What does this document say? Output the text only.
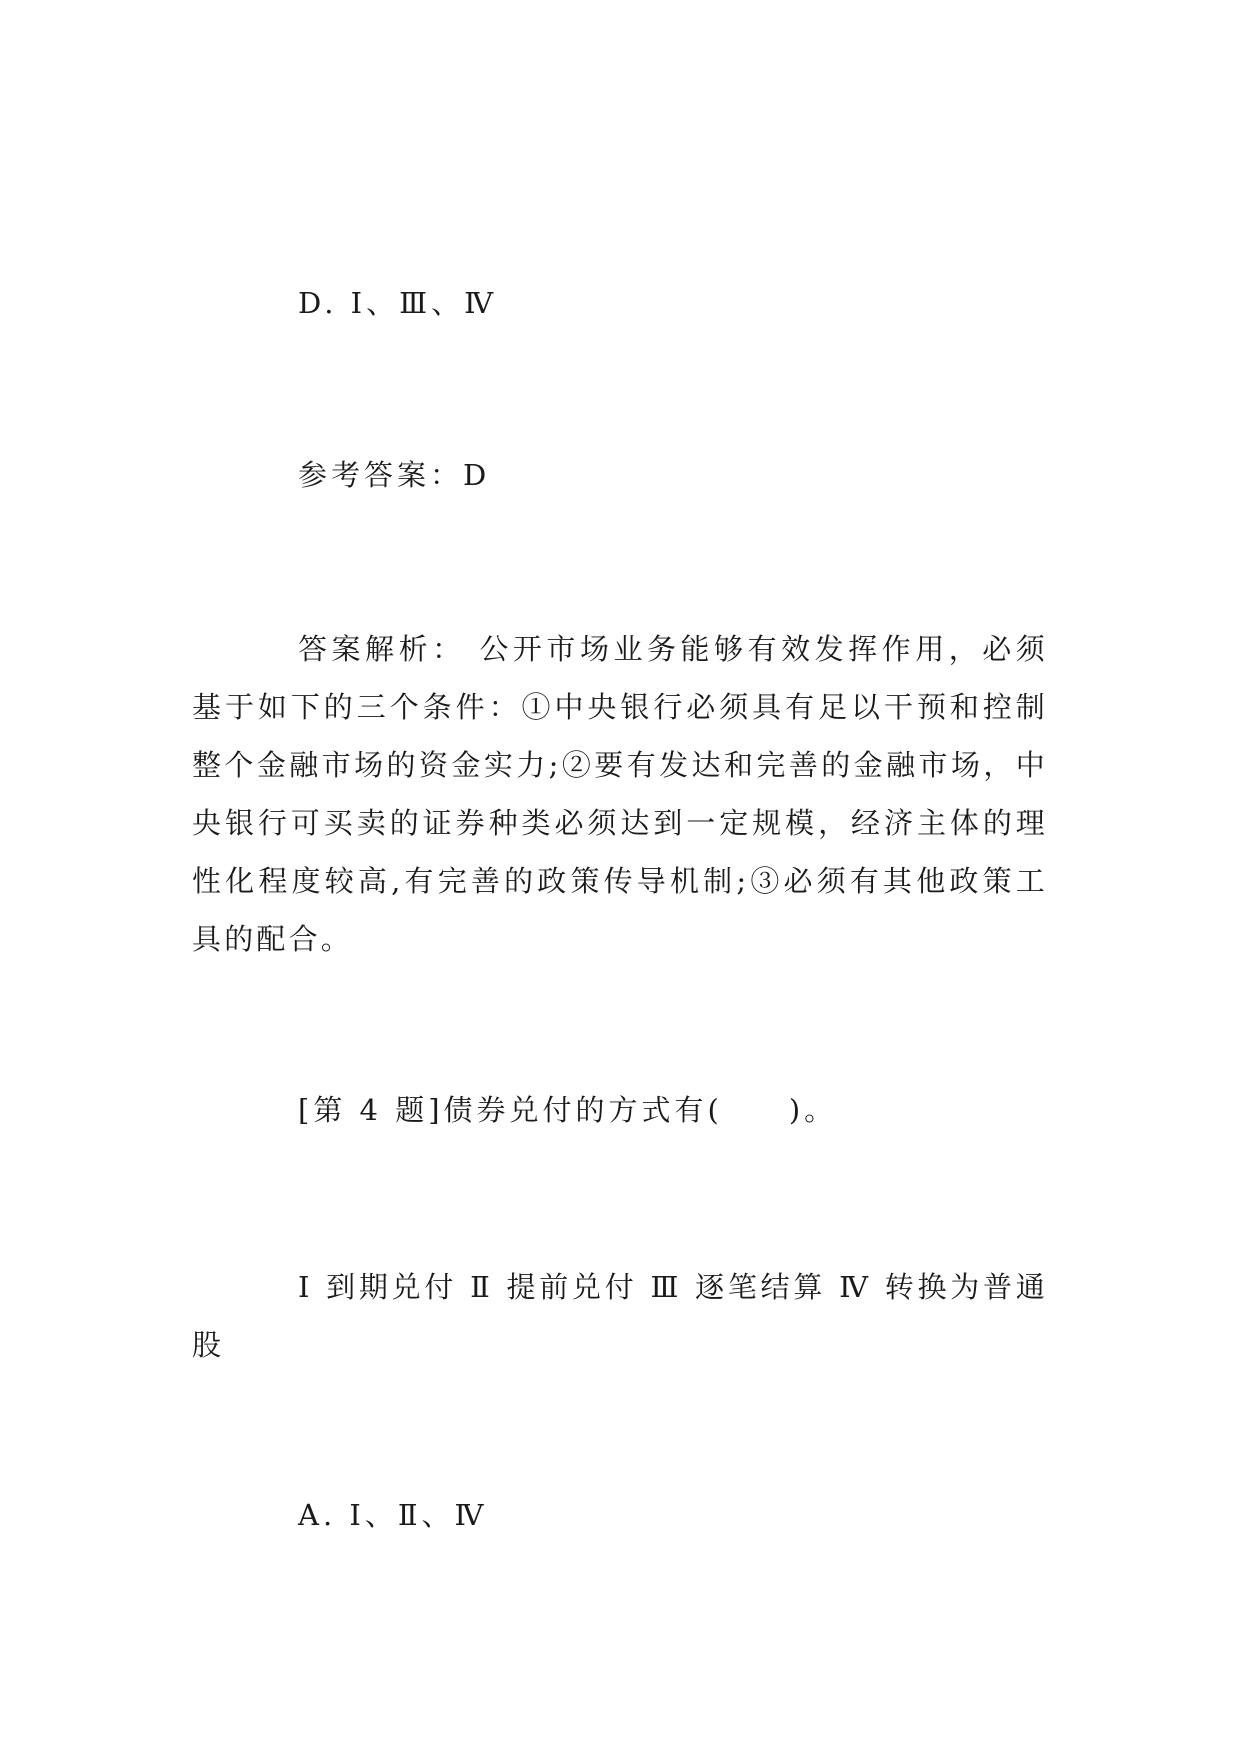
D. Ⅰ、Ⅲ、Ⅳ
参考答案：D
答案解析： 公开市场业务能够有效发挥作用，必须基于如下的三个条件：①中央银行必须具有足以干预和控制整个金融市场的资金实力;②要有发达和完善的金融市场，中央银行可买卖的证券种类必须达到一定规模，经济主体的理性化程度较高,有完善的政策传导机制;③必须有其他政策工具的配合。
[第 4 题]债券兑付的方式有(　　)。
Ⅰ 到期兑付 Ⅱ 提前兑付 Ⅲ 逐笔结算 Ⅳ 转换为普通股
A. Ⅰ、Ⅱ、Ⅳ
